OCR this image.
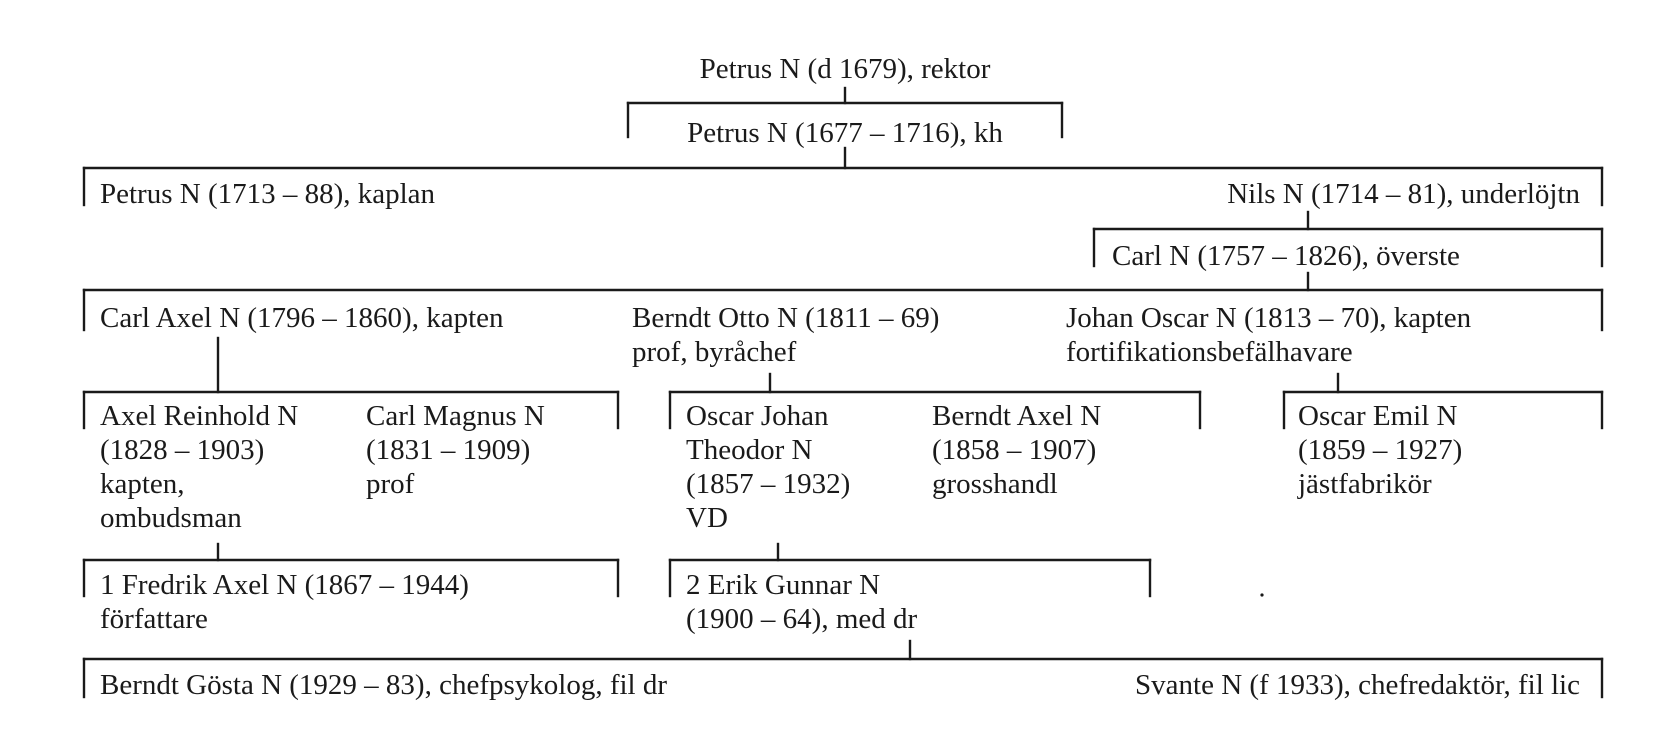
Petrus N (d 1679), rektor
Petrus N (1677 – 1716), kh
Petrus N (1713 – 88), kaplan	Nils N (1714 – 81), underlöjtn
Carl N (1757 – 1826), överste
Carl Axel N (1796 – 1860), kapten	Berndt Otto N (1811 – 69) prof, byråchef
Johan Oscar N (1813 – 70), kapten fortifikationsbefälhavare
Axel Reinhold N (1828 – 1903) kapten, ombudsman
Carl Magnus N (1831 – 1909) prof
Oscar Johan Theodor N (1857 – 1932) VD
Berndt Axel N (1858 – 1907) grosshandl
Oscar Emil N (1859 – 1927) jästfabrikör
1 Fredrik Axel N (1867 – 1944) författare
2 Erik Gunnar N (1900 – 64), med dr
Berndt Gösta N (1929 – 83), chefpsykolog, fil dr	Svante N (f 1933), chefredaktör, fil lic
